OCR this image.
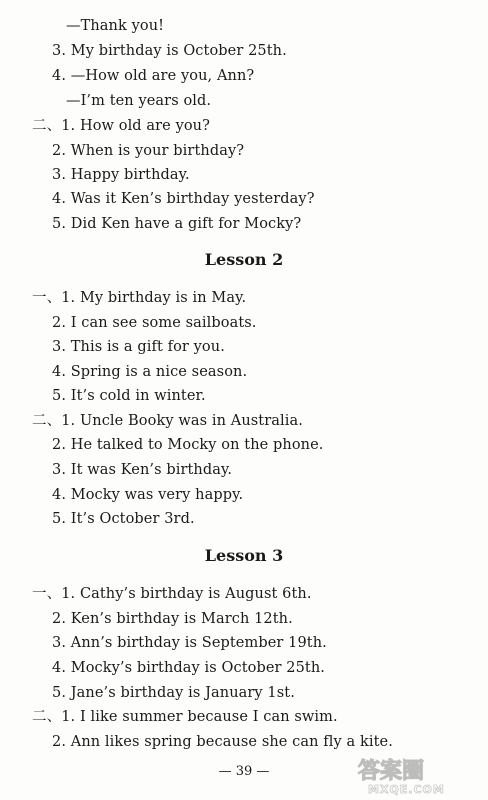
—Thank you!
3. My birthday is October 25th.
4. —How old are you, Ann?
—I’m ten years old.
二、1. How old are you?
2. When is your birthday?
3. Happy birthday.
4. Was it Ken’s birthday yesterday?
5. Did Ken have a gift for Mocky?
Lesson 2
一、1. My birthday is in May.
2. I can see some sailboats.
3. This is a gift for you.
4. Spring is a nice season.
5. It’s cold in winter.
二、1. Uncle Booky was in Australia.
2. He talked to Mocky on the phone.
3. It was Ken’s birthday.
4. Mocky was very happy.
5. It’s October 3rd.
Lesson 3
一、1. Cathy’s birthday is August 6th.
2. Ken’s birthday is March 12th.
3. Ann’s birthday is September 19th.
4. Mocky’s birthday is October 25th.
5. Jane’s birthday is January 1st.
二、1. I like summer because I can swim.
2. Ann likes spring because she can fly a kite.
— 39 —	答案圈
MXQE.COM
